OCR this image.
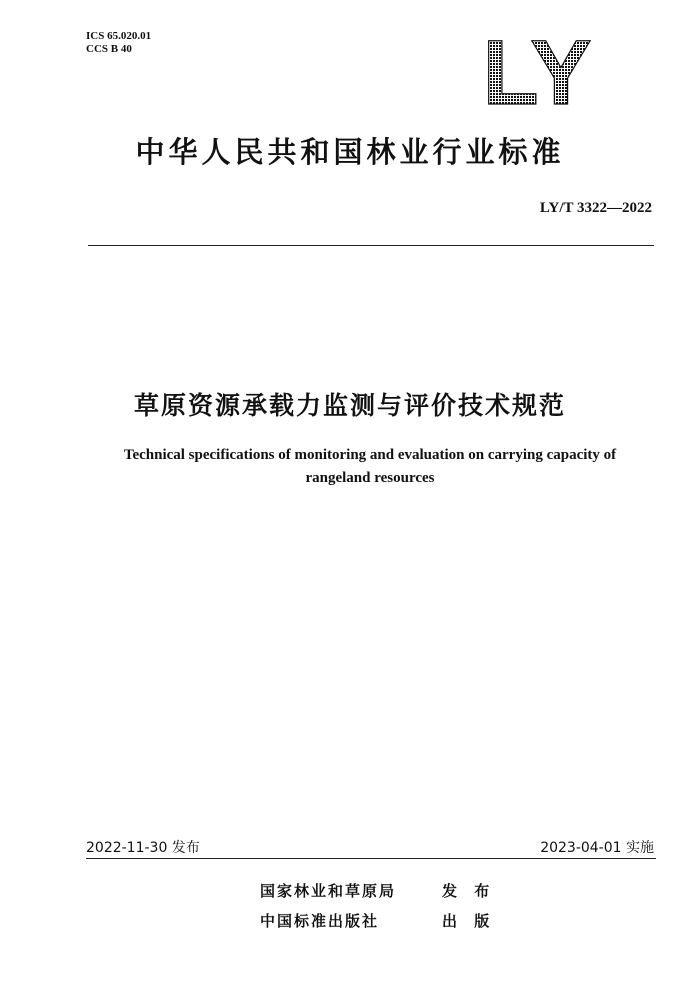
ICS 65.020.01
CCS B 40	LY
中华人民共和国林业行业标准
LY/T 3322—2022
草原资源承载力监测与评价技术规范
Technical specifications of monitoring and evaluation on carrying capacity of
rangeland resources
2022-11-30 发布	2023-04-01 实施
国家林业和草原局	发 布
中国标准出版社	出 版
